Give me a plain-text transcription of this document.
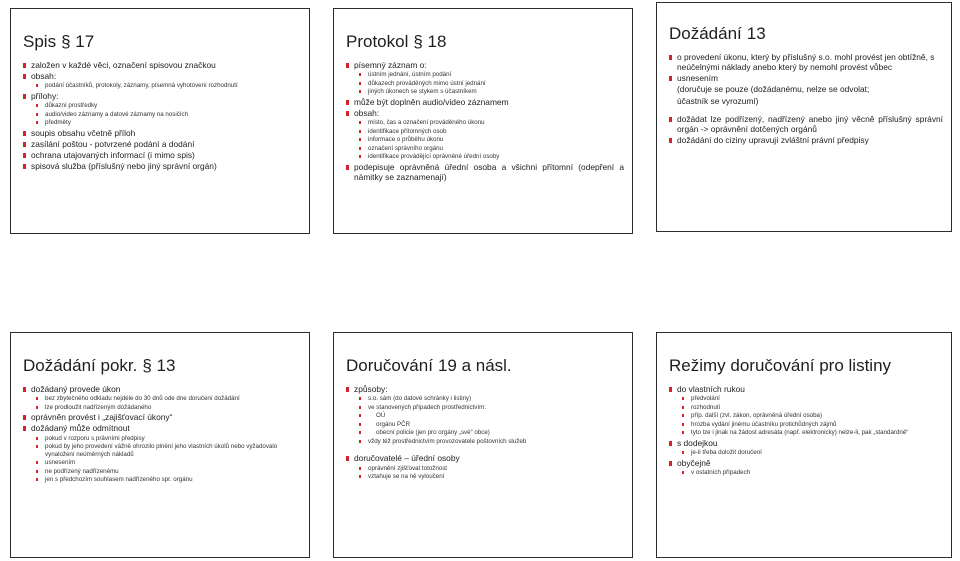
Spis § 17
založen v každé věci, označení spisovou značkou
obsah:
podání účastníků, protokoly, záznamy, písemná vyhotovení rozhodnutí
přílohy:
důkazní prostředky
audio/video záznamy a datové záznamy na nosičích
předměty
soupis obsahu včetně příloh
zasílání poštou - potvrzené podání a dodání
ochrana utajovaných informací (i mimo spis)
spisová služba (příslušný nebo jiný správní orgán)
Protokol § 18
písemný záznam o:
ústním jednání, ústním podání
důkazech prováděných mimo ústní jednání
jiných úkonech se stykem s účastníkem
může být doplněn audio/video záznamem
obsah:
místo, čas a označení prováděného úkonu
identifikace přítomných osob
informace o průběhu úkonu
označení správního orgánu
identifikace provádějící oprávněné úřední osoby
podepisuje oprávněná úřední osoba a všichni přítomní (odepření a námitky se zaznamenají)
Dožádání 13
o provedení úkonu, který by příslušný s.o. mohl provést jen obtížně, s neúčelnými náklady anebo který by nemohl provést vůbec
usnesením
(doručuje se pouze (dožádanému, nelze se odvolat;
účastník se vyrozumí)
dožádat lze podřízený, nadřízený anebo jiný věcně příslušný správní orgán -> oprávnění dotčených orgánů
dožádání do ciziny upravují zvláštní právní předpisy
Dožádání pokr. § 13
dožádaný provede úkon
bez zbytečného odkladu nejdéle do 30 dnů ode dne doručení dožádání
lze prodloužit nadřízeným dožádaného
oprávněn provést i „zajišťovací úkony“
dožádaný může odmítnout
pokud v rozporu s právními předpisy
pokud by jeho provedení vážně ohrozilo plnění jeho vlastních úkolů nebo vyžadovalo vynaložení neúměrných nákladů
usnesením
ne podřízený nadřízenému
jen s předchozím souhlasem nadřízeného spr. orgánu
Doručování 19 a násl.
způsoby:
s.o. sám (do datové schránky i listiny)
ve stanovených případech prostřednictvím:
OÚ
orgánu PČR
obecní policie (jen pro orgány „své“ obce)
vždy též prostřednictvím provozovatele poštovních služeb
doručovatelé – úřední osoby
oprávnění zjišťovat totožnost
vztahuje se na ně vyloučení
Režimy doručování pro listiny
do vlastních rukou
předvolání
rozhodnutí
příp. další (zvl. zákon, oprávněná úřední osoba)
hrozba vydání jinému účastníku protichůdných zájmů
tyto lze i jinak na žádost adresáta (např. elektronicky) nelze-li, pak „standardně“
s dodejkou
je-li třeba doložit doručení
obyčejně
v ostatních případech
